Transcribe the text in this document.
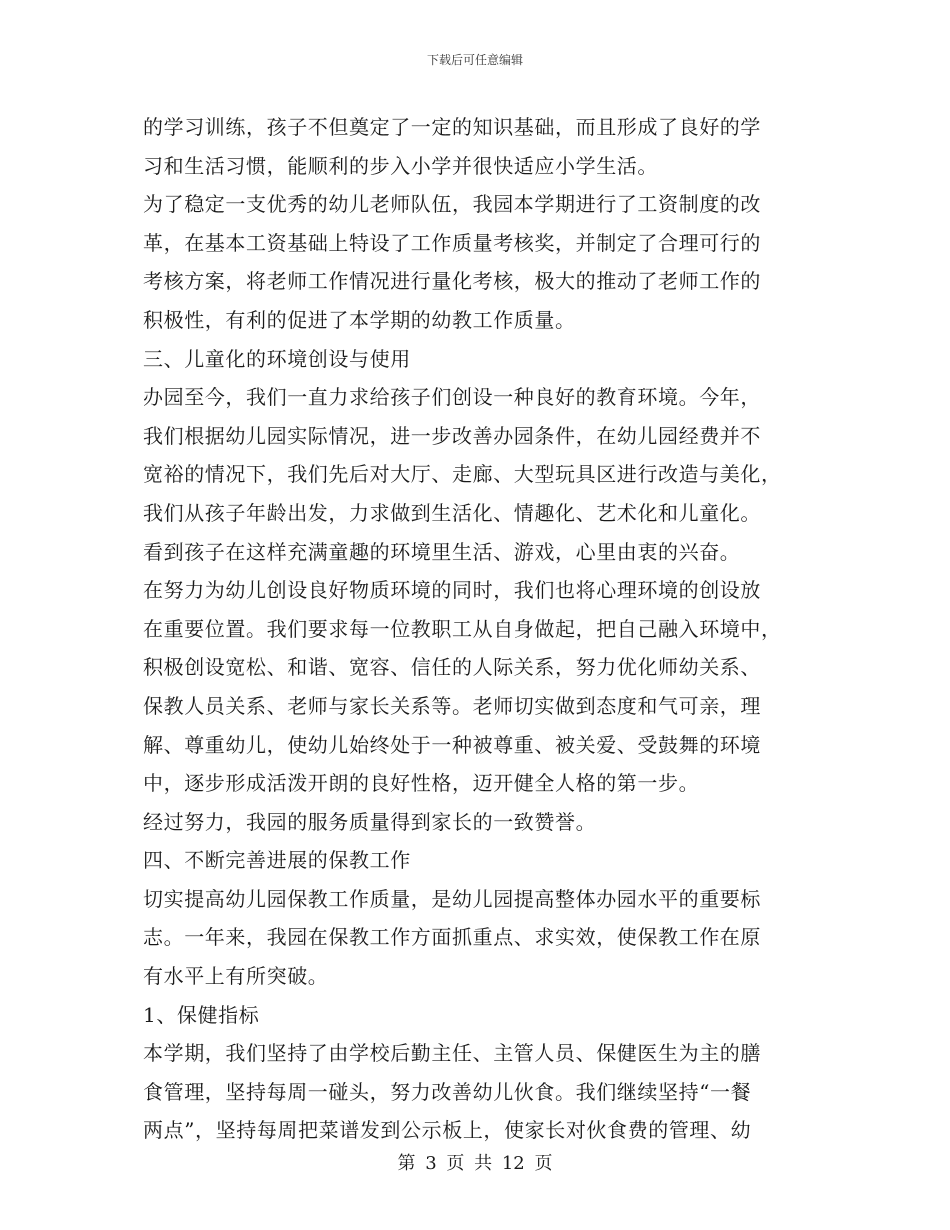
下载后可任意编辑
的学习训练，孩子不但奠定了一定的知识基础，而且形成了良好的学
习和生活习惯，能顺利的步入小学并很快适应小学生活。
为了稳定一支优秀的幼儿老师队伍，我园本学期进行了工资制度的改
革，在基本工资基础上特设了工作质量考核奖，并制定了合理可行的
考核方案，将老师工作情况进行量化考核，极大的推动了老师工作的
积极性，有利的促进了本学期的幼教工作质量。
三、儿童化的环境创设与使用
办园至今，我们一直力求给孩子们创设一种良好的教育环境。今年，
我们根据幼儿园实际情况，进一步改善办园条件，在幼儿园经费并不
宽裕的情况下，我们先后对大厅、走廊、大型玩具区进行改造与美化，
我们从孩子年龄出发，力求做到生活化、情趣化、艺术化和儿童化。
看到孩子在这样充满童趣的环境里生活、游戏，心里由衷的兴奋。
在努力为幼儿创设良好物质环境的同时，我们也将心理环境的创设放
在重要位置。我们要求每一位教职工从自身做起，把自己融入环境中，
积极创设宽松、和谐、宽容、信任的人际关系，努力优化师幼关系、
保教人员关系、老师与家长关系等。老师切实做到态度和气可亲，理
解、尊重幼儿，使幼儿始终处于一种被尊重、被关爱、受鼓舞的环境
中，逐步形成活泼开朗的良好性格，迈开健全人格的第一步。
经过努力，我园的服务质量得到家长的一致赞誉。
四、不断完善进展的保教工作
切实提高幼儿园保教工作质量，是幼儿园提高整体办园水平的重要标
志。一年来，我园在保教工作方面抓重点、求实效，使保教工作在原
有水平上有所突破。
1、保健指标
本学期，我们坚持了由学校后勤主任、主管人员、保健医生为主的膳
食管理，坚持每周一碰头，努力改善幼儿伙食。我们继续坚持“一餐
两点”，坚持每周把菜谱发到公示板上，使家长对伙食费的管理、幼
第 3 页 共 12 页
